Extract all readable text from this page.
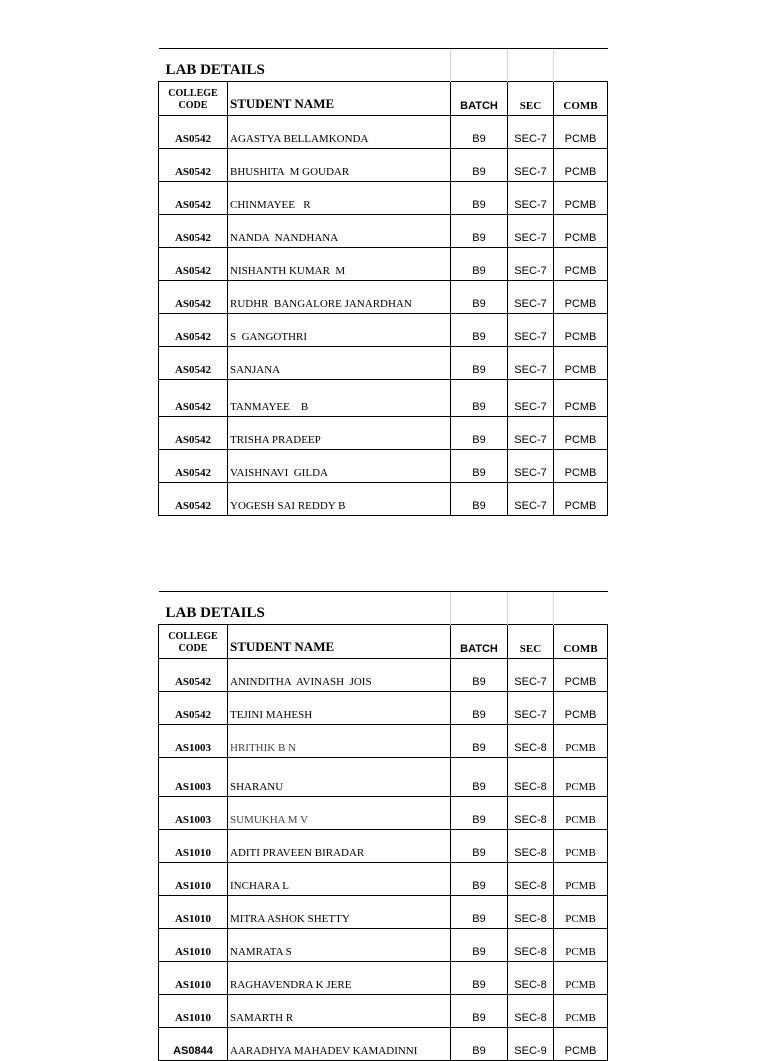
LAB DETAILS				
COLLEGE
CODE	STUDENT NAME	BATCH	SEC	COMB
AS0542	AGASTYA BELLAMKONDA	B9	SEC-7	PCMB
AS0542	BHUSHITA  M GOUDAR	B9	SEC-7	PCMB
AS0542	CHINMAYEE   R	B9	SEC-7	PCMB
AS0542	NANDA  NANDHANA	B9	SEC-7	PCMB
AS0542	NISHANTH KUMAR  M	B9	SEC-7	PCMB
AS0542	RUDHR  BANGALORE JANARDHAN	B9	SEC-7	PCMB
AS0542	S  GANGOTHRI	B9	SEC-7	PCMB
AS0542	SANJANA	B9	SEC-7	PCMB
AS0542	TANMAYEE    B	B9	SEC-7	PCMB
AS0542	TRISHA PRADEEP	B9	SEC-7	PCMB
AS0542	VAISHNAVI  GILDA	B9	SEC-7	PCMB
AS0542	YOGESH SAI REDDY B	B9	SEC-7	PCMB
LAB DETAILS				
COLLEGE
CODE	STUDENT NAME	BATCH	SEC	COMB
AS0542	ANINDITHA  AVINASH  JOIS	B9	SEC-7	PCMB
AS0542	TEJINI MAHESH	B9	SEC-7	PCMB
AS1003	HRITHIK B N	B9	SEC-8	PCMB
AS1003	SHARANU	B9	SEC-8	PCMB
AS1003	SUMUKHA M V	B9	SEC-8	PCMB
AS1010	ADITI PRAVEEN BIRADAR	B9	SEC-8	PCMB
AS1010	INCHARA L	B9	SEC-8	PCMB
AS1010	MITRA ASHOK SHETTY	B9	SEC-8	PCMB
AS1010	NAMRATA S	B9	SEC-8	PCMB
AS1010	RAGHAVENDRA K JERE	B9	SEC-8	PCMB
AS1010	SAMARTH R	B9	SEC-8	PCMB
AS0844	AARADHYA MAHADEV KAMADINNI	B9	SEC-9	PCMB
